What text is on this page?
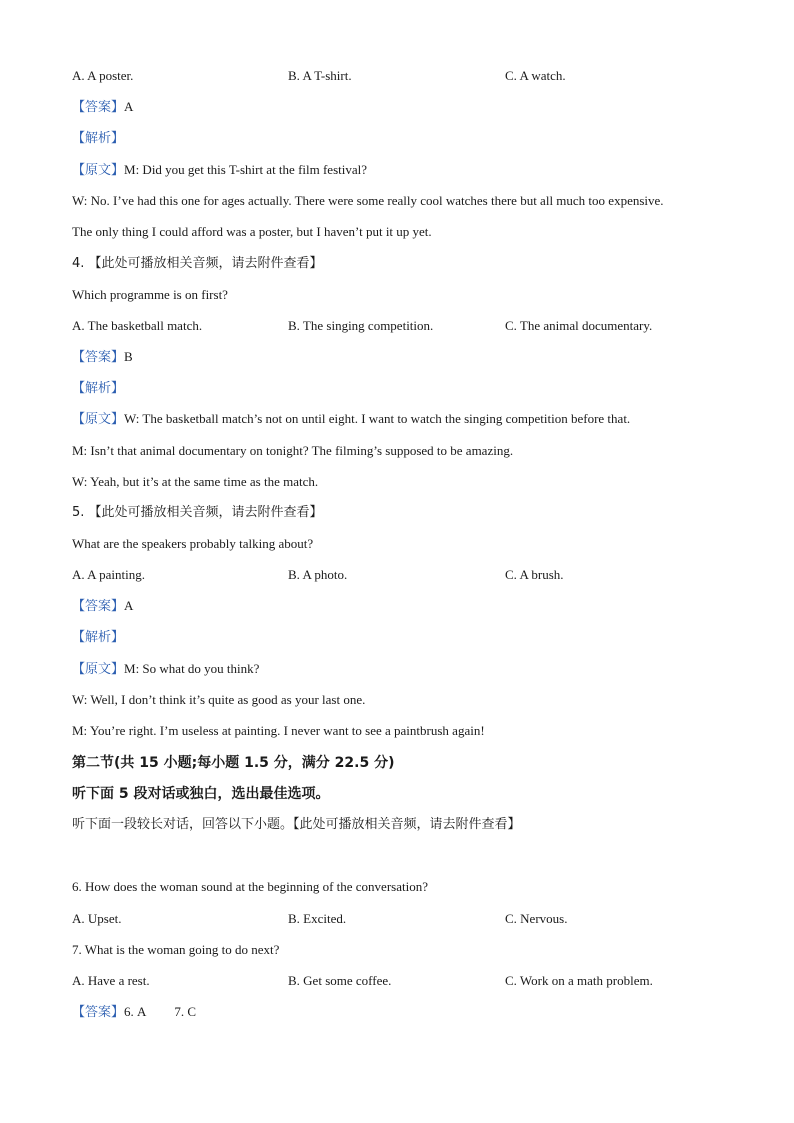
A. A poster.	B. A T-shirt.	C. A watch.
【答案】A
【解析】
【原文】M: Did you get this T-shirt at the film festival?
W: No. I’ve had this one for ages actually. There were some really cool watches there but all much too expensive.
The only thing I could afford was a poster, but I haven’t put it up yet.
4. 【此处可播放相关音频，请去附件查看】
Which programme is on first?
A. The basketball match.	B. The singing competition.	C. The animal documentary.
【答案】B
【解析】
【原文】W: The basketball match’s not on until eight. I want to watch the singing competition before that.
M: Isn’t that animal documentary on tonight? The filming’s supposed to be amazing.
W: Yeah, but it’s at the same time as the match.
5. 【此处可播放相关音频，请去附件查看】
What are the speakers probably talking about?
A. A painting.	B. A photo.	C. A brush.
【答案】A
【解析】
【原文】M: So what do you think?
W: Well, I don’t think it’s quite as good as your last one.
M: You’re right. I’m useless at painting. I never want to see a paintbrush again!
第二节(共 15 小题;每小题 1.5 分，满分 22.5 分)
听下面 5 段对话或独白，选出最佳选项。
听下面一段较长对话，回答以下小题。【此处可播放相关音频，请去附件查看】
6. How does the woman sound at the beginning of the conversation?
A. Upset.	B. Excited.	C. Nervous.
7. What is the woman going to do next?
A. Have a rest.	B. Get some coffee.	C. Work on a math problem.
【答案】6. A 7. C
